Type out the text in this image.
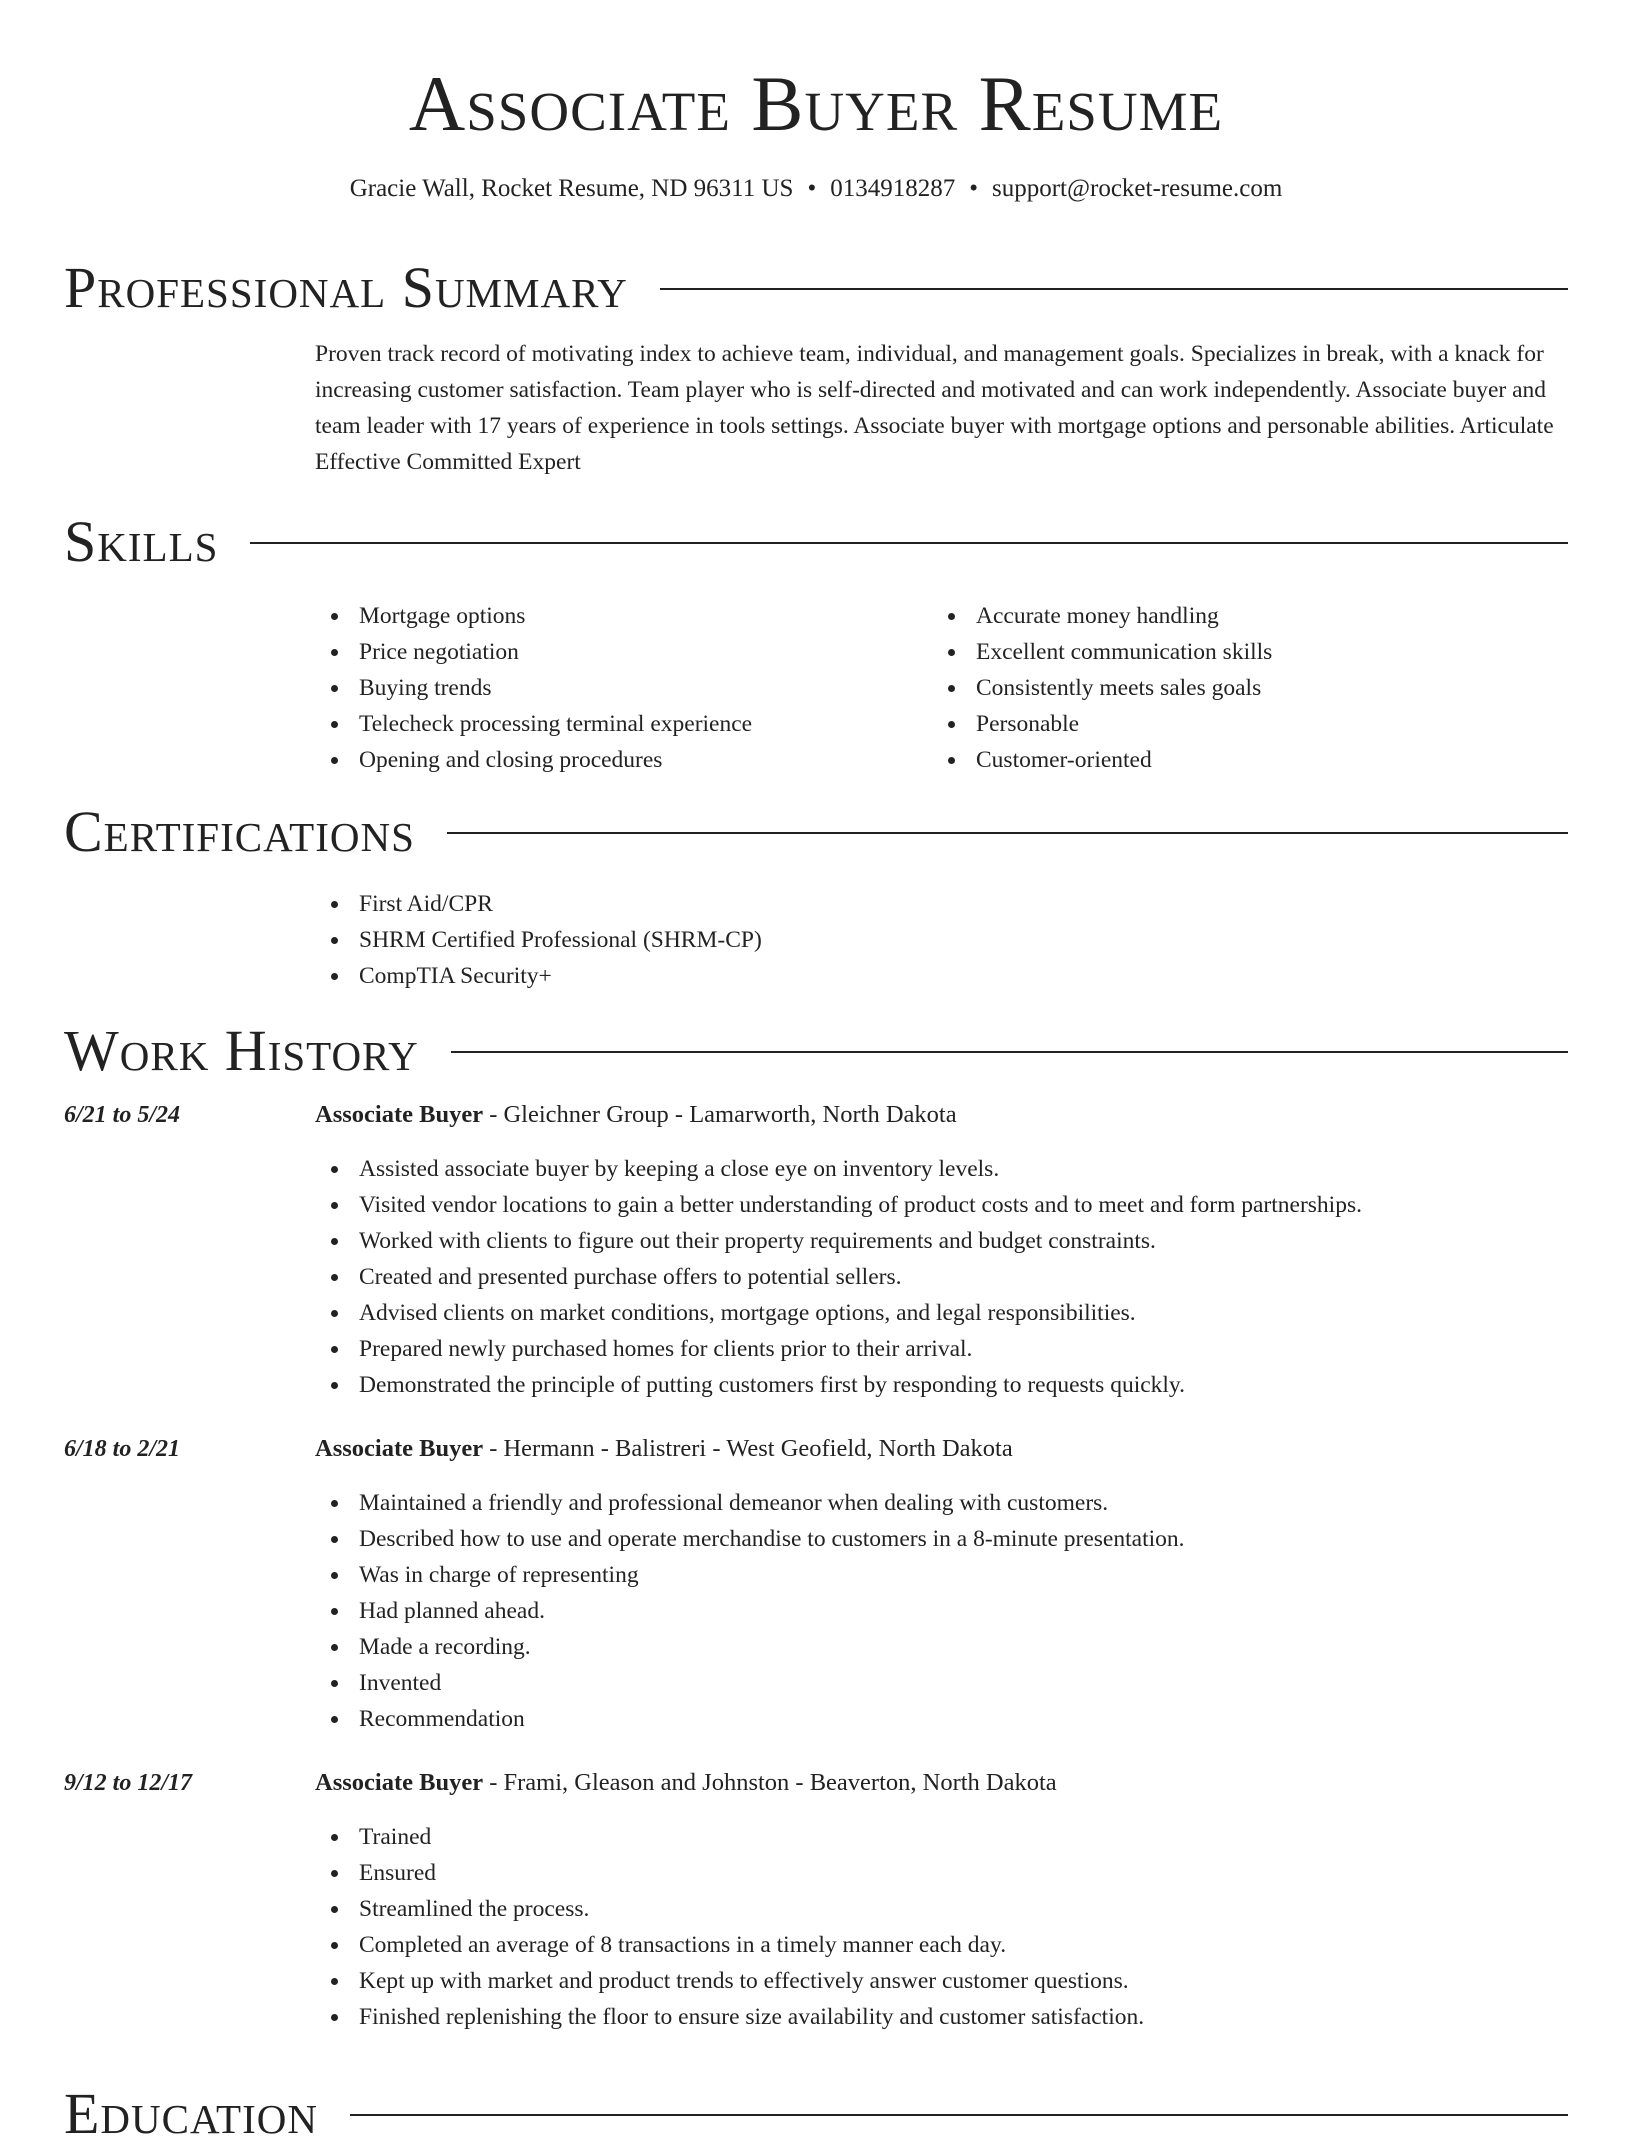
Associate Buyer Resume
Gracie Wall, Rocket Resume, ND 96311 US • 0134918287 • support@rocket-resume.com
Professional Summary

Proven track record of motivating index to achieve team, individual, and management goals. Specializes in break, with a knack for increasing customer satisfaction. Team player who is self-directed and motivated and can work independently. Associate buyer and team leader with 17 years of experience in tools settings. Associate buyer with mortgage options and personable abilities. Articulate Effective Committed Expert

Skills
Mortgage options
Price negotiation
Buying trends
Telecheck processing terminal experience
Opening and closing procedures
Accurate money handling
Excellent communication skills
Consistently meets sales goals
Personable
Customer-oriented
Certifications
First Aid/CPR
SHRM Certified Professional (SHRM-CP)
CompTIA Security+
Work History
6/21 to 5/24	Associate Buyer - Gleichner Group - Lamarworth, North Dakota
Assisted associate buyer by keeping a close eye on inventory levels.
Visited vendor locations to gain a better understanding of product costs and to meet and form partnerships.
Worked with clients to figure out their property requirements and budget constraints.
Created and presented purchase offers to potential sellers.
Advised clients on market conditions, mortgage options, and legal responsibilities.
Prepared newly purchased homes for clients prior to their arrival.
Demonstrated the principle of putting customers first by responding to requests quickly.
6/18 to 2/21	Associate Buyer - Hermann - Balistreri - West Geofield, North Dakota
Maintained a friendly and professional demeanor when dealing with customers.
Described how to use and operate merchandise to customers in a 8-minute presentation.
Was in charge of representing
Had planned ahead.
Made a recording.
Invented
Recommendation
9/12 to 12/17	Associate Buyer - Frami, Gleason and Johnston - Beaverton, North Dakota
Trained
Ensured
Streamlined the process.
Completed an average of 8 transactions in a timely manner each day.
Kept up with market and product trends to effectively answer customer questions.
Finished replenishing the floor to ensure size availability and customer satisfaction.
Education
